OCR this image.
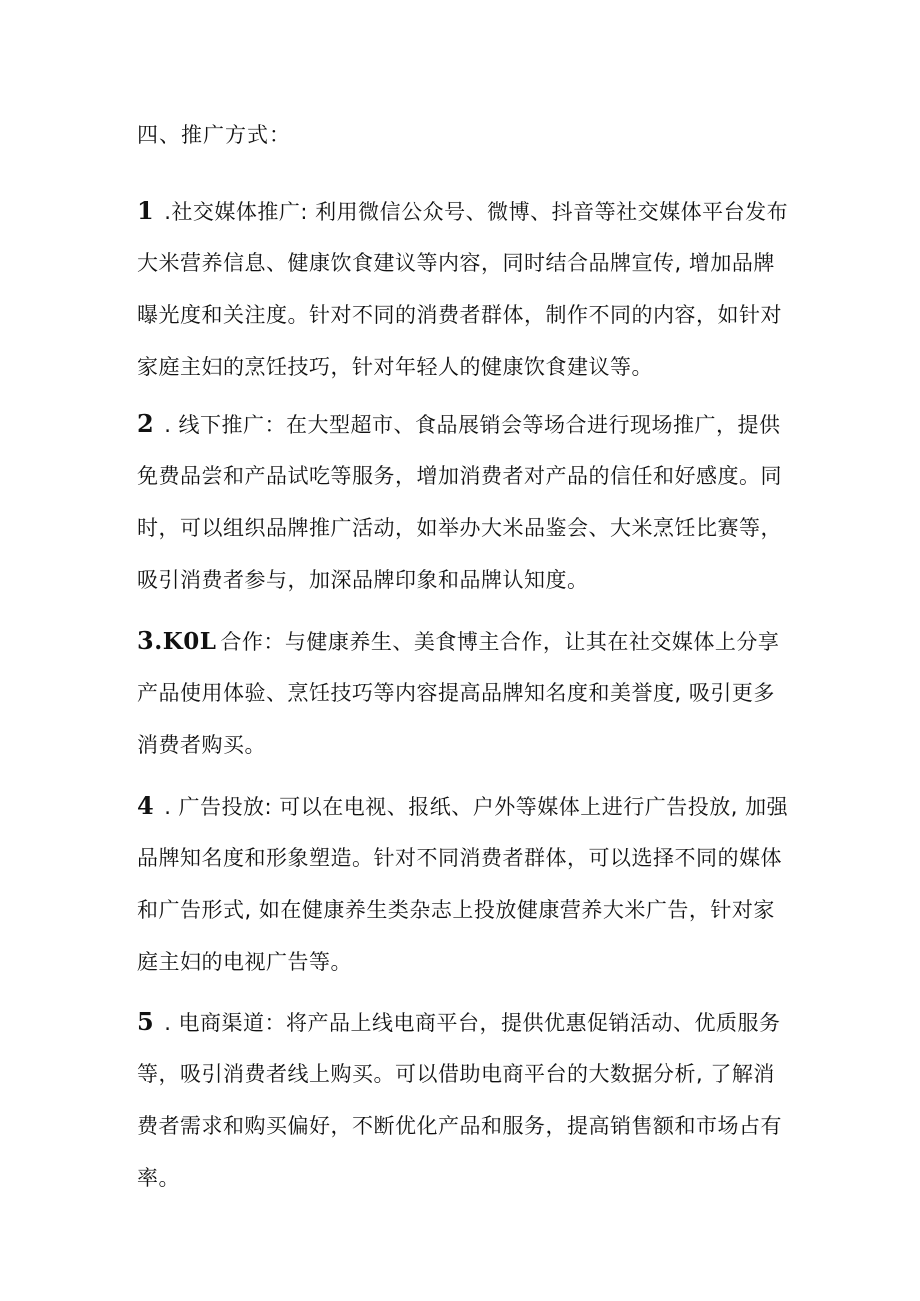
四、推广方式：
1 .社交媒体推广: 利用微信公众号、微博、抖音等社交媒体平台发布
大米营养信息、健康饮食建议等内容，同时结合品牌宣传, 增加品牌
曝光度和关注度。针对不同的消费者群体，制作不同的内容，如针对
家庭主妇的烹饪技巧，针对年轻人的健康饮食建议等。
2 . 线下推广：在大型超市、食品展销会等场合进行现场推广，提供
免费品尝和产品试吃等服务，增加消费者对产品的信任和好感度。同
时，可以组织品牌推广活动，如举办大米品鉴会、大米烹饪比赛等，
吸引消费者参与，加深品牌印象和品牌认知度。
3.K0L 合作：与健康养生、美食博主合作，让其在社交媒体上分享
产品使用体验、烹饪技巧等内容提高品牌知名度和美誉度, 吸引更多
消费者购买。
4 . 广告投放: 可以在电视、报纸、户外等媒体上进行广告投放, 加强
品牌知名度和形象塑造。针对不同消费者群体，可以选择不同的媒体
和广告形式, 如在健康养生类杂志上投放健康营养大米广告，针对家
庭主妇的电视广告等。
5 . 电商渠道：将产品上线电商平台，提供优惠促销活动、优质服务
等，吸引消费者线上购买。可以借助电商平台的大数据分析, 了解消
费者需求和购买偏好，不断优化产品和服务，提高销售额和市场占有
率。
